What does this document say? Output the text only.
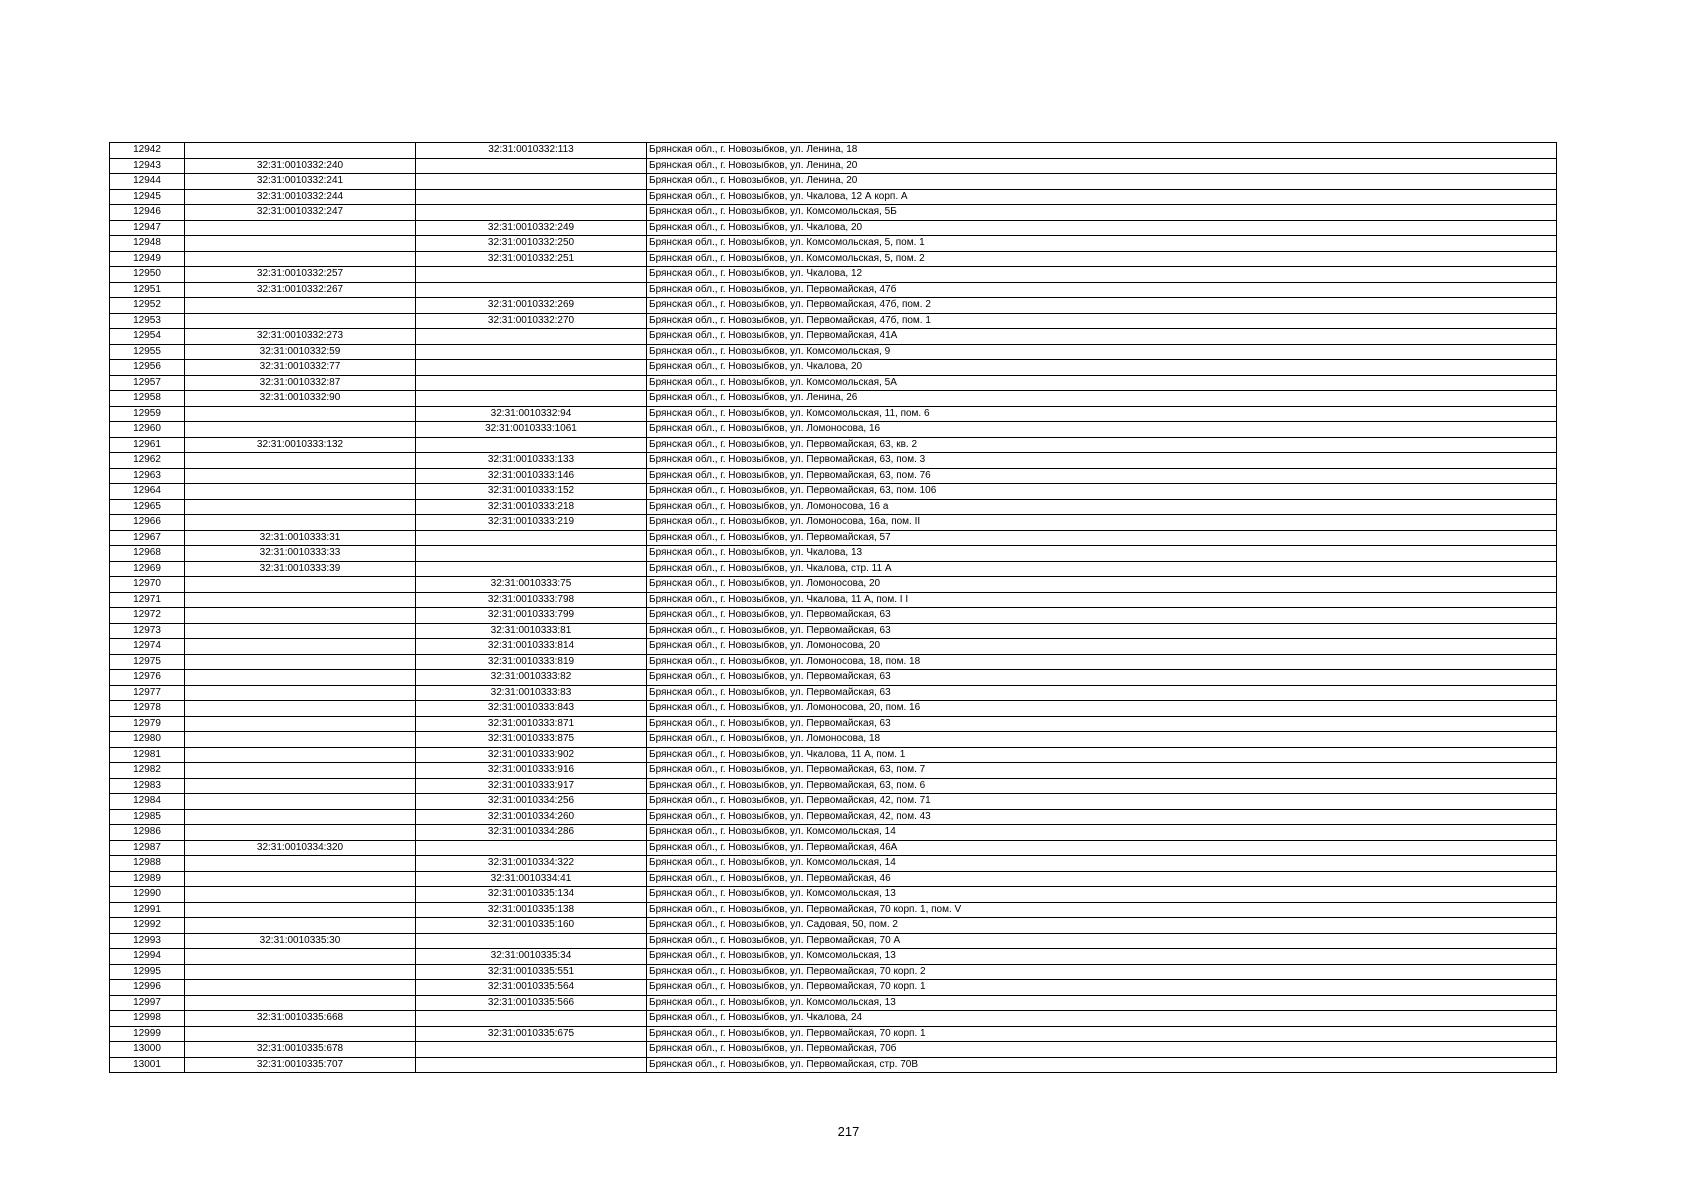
12942		32:31:0010332:113	Брянская обл., г. Новозыбков, ул. Ленина, 18
12943	32:31:0010332:240		Брянская обл., г. Новозыбков, ул. Ленина, 20
12944	32:31:0010332:241		Брянская обл., г. Новозыбков, ул. Ленина, 20
12945	32:31:0010332:244		Брянская обл., г. Новозыбков, ул. Чкалова, 12 А корп. А
12946	32:31:0010332:247		Брянская обл., г. Новозыбков, ул. Комсомольская, 5Б
12947		32:31:0010332:249	Брянская обл., г. Новозыбков, ул. Чкалова, 20
12948		32:31:0010332:250	Брянская обл., г. Новозыбков, ул. Комсомольская, 5, пом. 1
12949		32:31:0010332:251	Брянская обл., г. Новозыбков, ул. Комсомольская, 5, пом. 2
12950	32:31:0010332:257		Брянская обл., г. Новозыбков, ул. Чкалова, 12
12951	32:31:0010332:267		Брянская обл., г. Новозыбков, ул. Первомайская, 47б
12952		32:31:0010332:269	Брянская обл., г. Новозыбков, ул. Первомайская, 47б, пом. 2
12953		32:31:0010332:270	Брянская обл., г. Новозыбков, ул. Первомайская, 47б, пом. 1
12954	32:31:0010332:273		Брянская обл., г. Новозыбков, ул. Первомайская, 41А
12955	32:31:0010332:59		Брянская обл., г. Новозыбков, ул. Комсомольская, 9
12956	32:31:0010332:77		Брянская обл., г. Новозыбков, ул. Чкалова, 20
12957	32:31:0010332:87		Брянская обл., г. Новозыбков, ул. Комсомольская, 5А
12958	32:31:0010332:90		Брянская обл., г. Новозыбков, ул. Ленина, 26
12959		32:31:0010332:94	Брянская обл., г. Новозыбков, ул. Комсомольская, 11, пом. 6
12960		32:31:0010333:1061	Брянская обл., г. Новозыбков, ул. Ломоносова, 16
12961	32:31:0010333:132		Брянская обл., г. Новозыбков, ул. Первомайская, 63, кв. 2
12962		32:31:0010333:133	Брянская обл., г. Новозыбков, ул. Первомайская, 63, пом. 3
12963		32:31:0010333:146	Брянская обл., г. Новозыбков, ул. Первомайская, 63, пом. 76
12964		32:31:0010333:152	Брянская обл., г. Новозыбков, ул. Первомайская, 63, пом. 106
12965		32:31:0010333:218	Брянская обл., г. Новозыбков, ул. Ломоносова, 16 а
12966		32:31:0010333:219	Брянская обл., г. Новозыбков, ул. Ломоносова, 16а, пом. II
12967	32:31:0010333:31		Брянская обл., г. Новозыбков, ул. Первомайская, 57
12968	32:31:0010333:33		Брянская обл., г. Новозыбков, ул. Чкалова, 13
12969	32:31:0010333:39		Брянская обл., г. Новозыбков, ул. Чкалова, стр. 11 А
12970		32:31:0010333:75	Брянская обл., г. Новозыбков, ул. Ломоносова, 20
12971		32:31:0010333:798	Брянская обл., г. Новозыбков, ул. Чкалова, 11 А, пом. I I
12972		32:31:0010333:799	Брянская обл., г. Новозыбков, ул. Первомайская, 63
12973		32:31:0010333:81	Брянская обл., г. Новозыбков, ул. Первомайская, 63
12974		32:31:0010333:814	Брянская обл., г. Новозыбков, ул. Ломоносова, 20
12975		32:31:0010333:819	Брянская обл., г. Новозыбков, ул. Ломоносова, 18, пом. 18
12976		32:31:0010333:82	Брянская обл., г. Новозыбков, ул. Первомайская, 63
12977		32:31:0010333:83	Брянская обл., г. Новозыбков, ул. Первомайская, 63
12978		32:31:0010333:843	Брянская обл., г. Новозыбков, ул. Ломоносова, 20, пом. 16
12979		32:31:0010333:871	Брянская обл., г. Новозыбков, ул. Первомайская, 63
12980		32:31:0010333:875	Брянская обл., г. Новозыбков, ул. Ломоносова, 18
12981		32:31:0010333:902	Брянская обл., г. Новозыбков, ул. Чкалова, 11 А, пом. 1
12982		32:31:0010333:916	Брянская обл., г. Новозыбков, ул. Первомайская, 63, пом. 7
12983		32:31:0010333:917	Брянская обл., г. Новозыбков, ул. Первомайская, 63, пом. 6
12984		32:31:0010334:256	Брянская обл., г. Новозыбков, ул. Первомайская, 42, пом. 71
12985		32:31:0010334:260	Брянская обл., г. Новозыбков, ул. Первомайская, 42, пом. 43
12986		32:31:0010334:286	Брянская обл., г. Новозыбков, ул. Комсомольская, 14
12987	32:31:0010334:320		Брянская обл., г. Новозыбков, ул. Первомайская, 46А
12988		32:31:0010334:322	Брянская обл., г. Новозыбков, ул. Комсомольская, 14
12989		32:31:0010334:41	Брянская обл., г. Новозыбков, ул. Первомайская, 46
12990		32:31:0010335:134	Брянская обл., г. Новозыбков, ул. Комсомольская, 13
12991		32:31:0010335:138	Брянская обл., г. Новозыбков, ул. Первомайская, 70 корп. 1, пом. V
12992		32:31:0010335:160	Брянская обл., г. Новозыбков, ул. Садовая, 50, пом. 2
12993	32:31:0010335:30		Брянская обл., г. Новозыбков, ул. Первомайская, 70 А
12994		32:31:0010335:34	Брянская обл., г. Новозыбков, ул. Комсомольская, 13
12995		32:31:0010335:551	Брянская обл., г. Новозыбков, ул. Первомайская, 70 корп. 2
12996		32:31:0010335:564	Брянская обл., г. Новозыбков, ул. Первомайская, 70 корп. 1
12997		32:31:0010335:566	Брянская обл., г. Новозыбков, ул. Комсомольская, 13
12998	32:31:0010335:668		Брянская обл., г. Новозыбков, ул. Чкалова, 24
12999		32:31:0010335:675	Брянская обл., г. Новозыбков, ул. Первомайская, 70 корп. 1
13000	32:31:0010335:678		Брянская обл., г. Новозыбков, ул. Первомайская, 70б
13001	32:31:0010335:707		Брянская обл., г. Новозыбков, ул. Первомайская, стр. 70В
217
